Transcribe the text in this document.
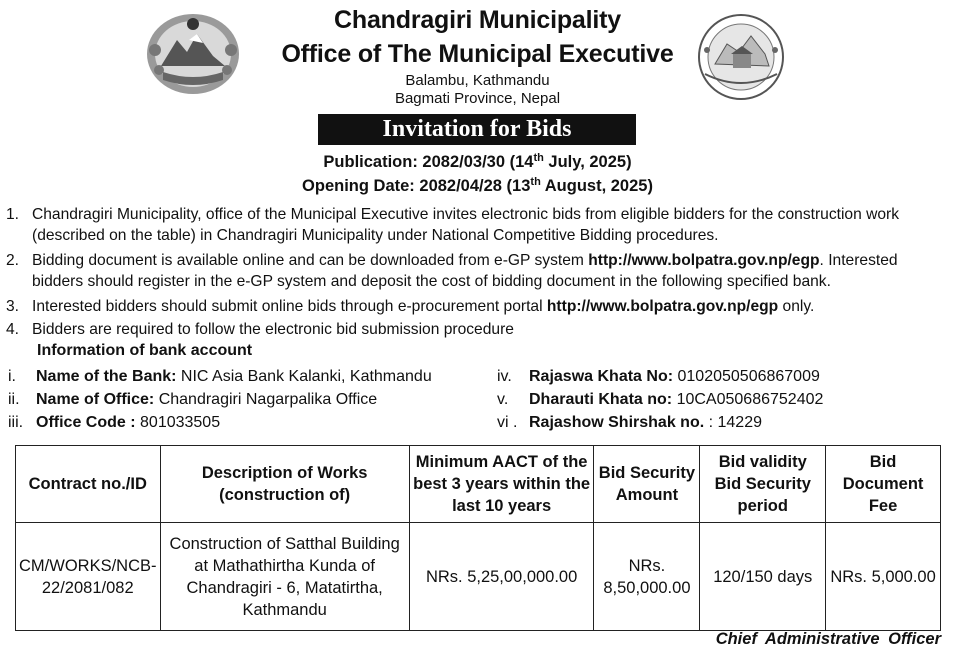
Chandragiri Municipality
Office of The Municipal Executive
Balambu, Kathmandu
Bagmati Province, Nepal
Invitation for Bids
Publication: 2082/03/30 (14th July, 2025)
Opening Date: 2082/04/28 (13th August, 2025)
1. Chandragiri Municipality, office of the Municipal Executive invites electronic bids from eligible bidders for the construction work (described on the table) in Chandragiri Municipality under National Competitive Bidding procedures.
2. Bidding document is available online and can be downloaded from e-GP system http://www.bolpatra.gov.np/egp. Interested bidders should register in the e-GP system and deposit the cost of bidding document in the following specified bank.
3. Interested bidders should submit online bids through e-procurement portal http://www.bolpatra.gov.np/egp only.
4. Bidders are required to follow the electronic bid submission procedure
Information of bank account
i. Name of the Bank: NIC Asia Bank Kalanki, Kathmandu
ii. Name of Office: Chandragiri Nagarpalika Office
iii. Office Code : 801033505
iv. Rajaswa Khata No: 0102050506867009
v. Dharauti Khata no: 10CA050686752402
vi . Rajashow Shirshak no. : 14229
Contract no./ID	Description of Works (construction of)	Minimum AACT of the best 3 years within the last 10 years	Bid Security Amount	Bid validity Bid Security period	Bid Document Fee
CM/WORKS/NCB-22/2081/082	Construction of Satthal Building at Mathathirtha Kunda of Chandragiri - 6, Matatirtha, Kathmandu	NRs. 5,25,00,000.00	NRs. 8,50,000.00	120/150 days	NRs. 5,000.00
Chief Administrative Officer
